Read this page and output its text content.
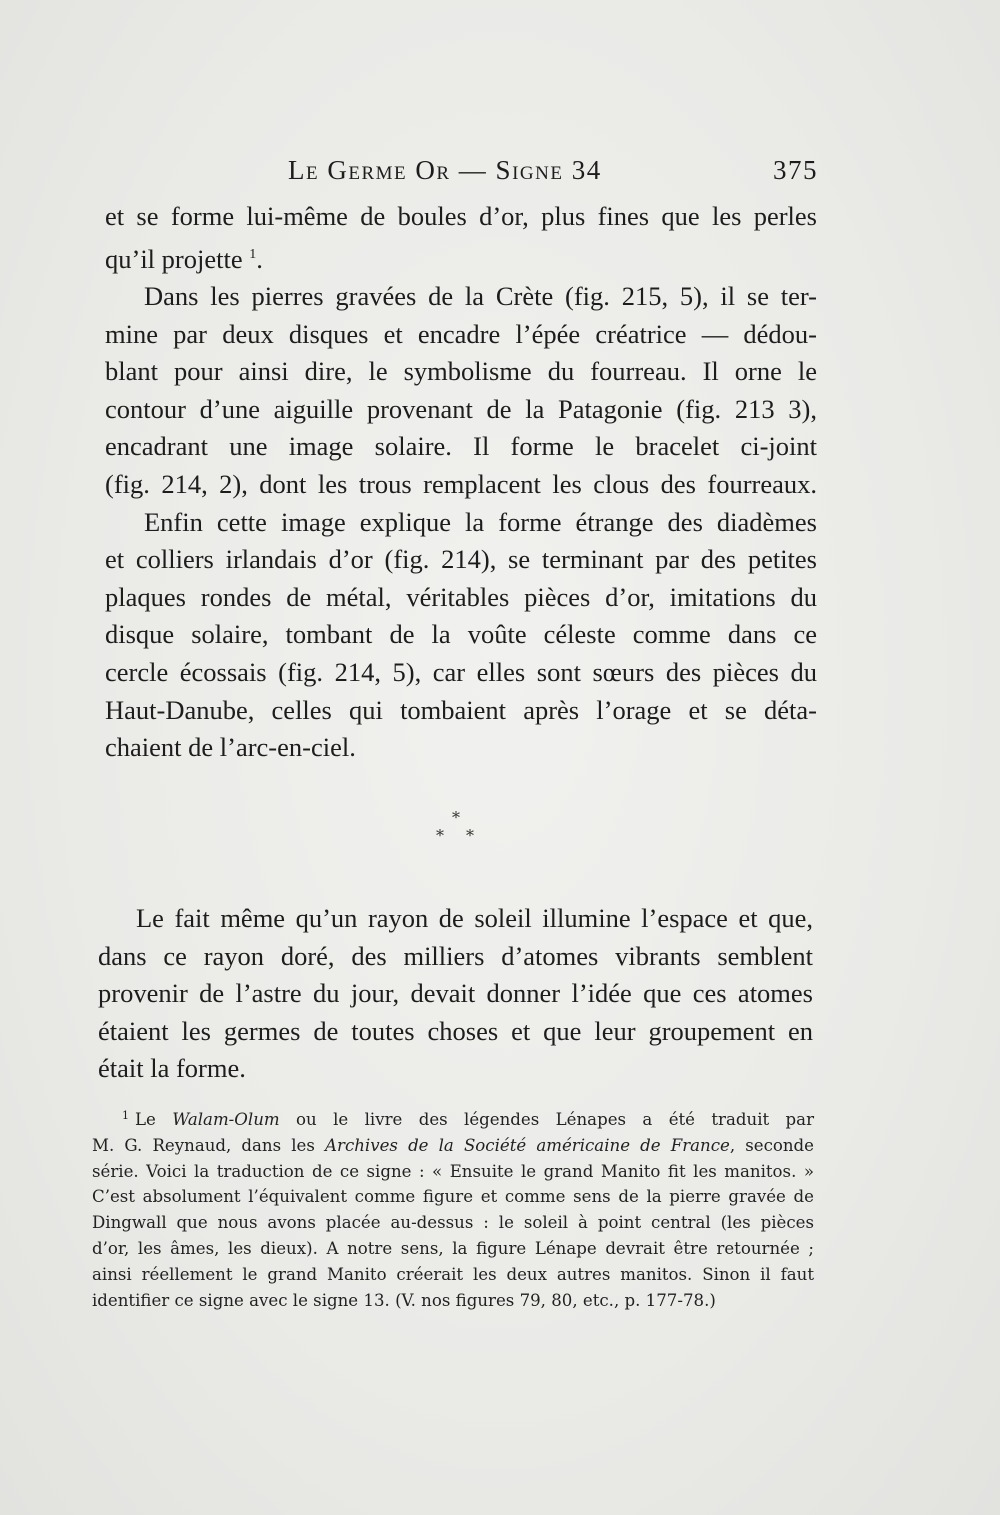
Le Germe Or — Signe 34	375
et se forme lui-même de boules d’or, plus fines que les perles
qu’il projette $^1$.
Dans les pierres gravées de la Crète (fig. 215, 5), il se ter-
mine par deux disques et encadre l’épée créatrice — dédou-
blant pour ainsi dire, le symbolisme du fourreau. Il orne le
contour d’une aiguille provenant de la Patagonie (fig. 213 3),
encadrant une image solaire. Il forme le bracelet ci-joint
(fig. 214, 2), dont les trous remplacent les clous des fourreaux.
Enfin cette image explique la forme étrange des diadèmes
et colliers irlandais d’or (fig. 214), se terminant par des petites
plaques rondes de métal, véritables pièces d’or, imitations du
disque solaire, tombant de la voûte céleste comme dans ce
cercle écossais (fig. 214, 5), car elles sont sœurs des pièces du
Haut-Danube, celles qui tombaient après l’orage et se déta-
chaient de l’arc-en-ciel.
*
* *
Le fait même qu’un rayon de soleil illumine l’espace et que,
dans ce rayon doré, des milliers d’atomes vibrants semblent
provenir de l’astre du jour, devait donner l’idée que ces atomes
étaient les germes de toutes choses et que leur groupement en
était la forme.
$^1$ Le Walam-Olum ou le livre des légendes Lénapes a été traduit par
M. G. Reynaud, dans les Archives de la Société américaine de France, seconde
série. Voici la traduction de ce signe : « Ensuite le grand Manito fit les manitos. »
C’est absolument l’équivalent comme figure et comme sens de la pierre gravée de
Dingwall que nous avons placée au-dessus : le soleil à point central (les pièces
d’or, les âmes, les dieux). A notre sens, la figure Lénape devrait être retournée ;
ainsi réellement le grand Manito créerait les deux autres manitos. Sinon il faut
identifier ce signe avec le signe 13. (V. nos figures 79, 80, etc., p. 177-78.)
